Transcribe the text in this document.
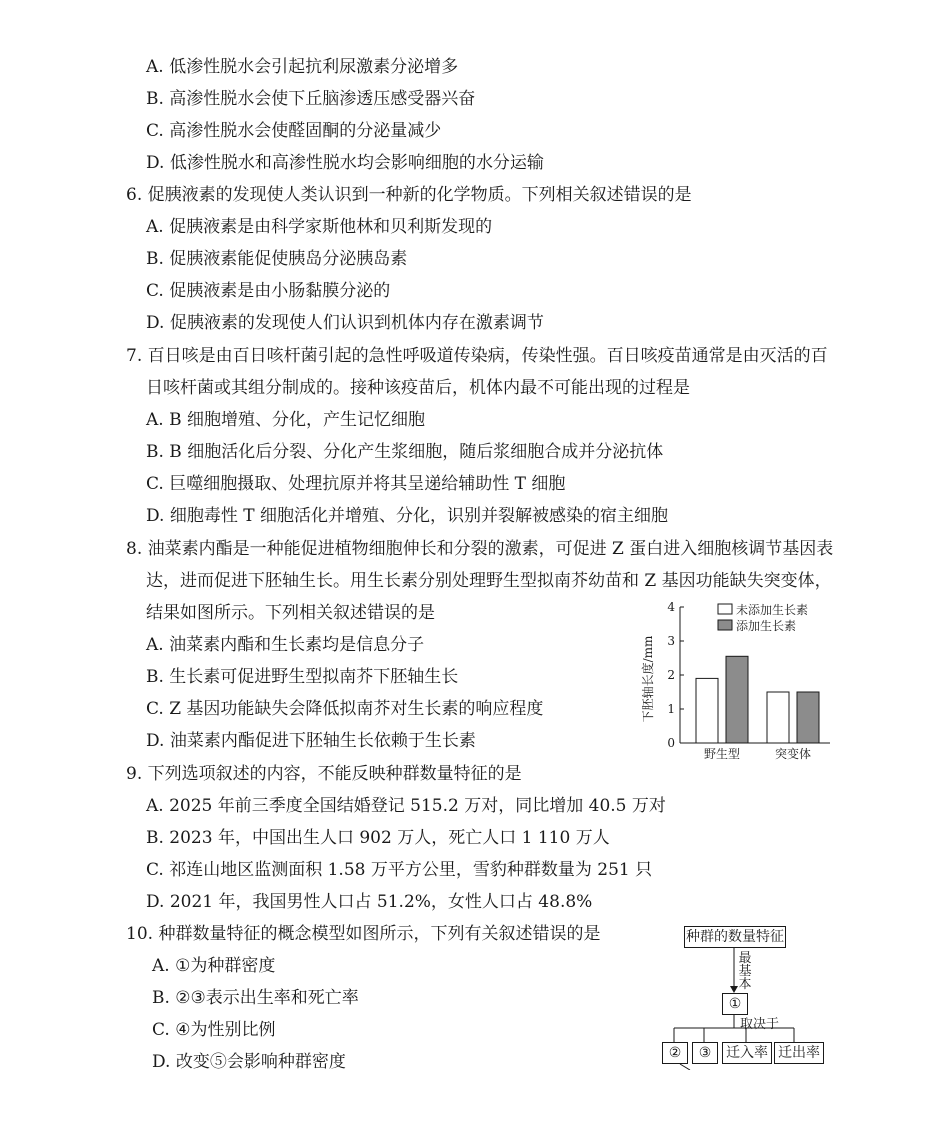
A. 低渗性脱水会引起抗利尿激素分泌增多
B. 高渗性脱水会使下丘脑渗透压感受器兴奋
C. 高渗性脱水会使醛固酮的分泌量减少
D. 低渗性脱水和高渗性脱水均会影响细胞的水分运输
6. 促胰液素的发现使人类认识到一种新的化学物质。下列相关叙述错误的是
A. 促胰液素是由科学家斯他林和贝利斯发现的
B. 促胰液素能促使胰岛分泌胰岛素
C. 促胰液素是由小肠黏膜分泌的
D. 促胰液素的发现使人们认识到机体内存在激素调节
7. 百日咳是由百日咳杆菌引起的急性呼吸道传染病，传染性强。百日咳疫苗通常是由灭活的百
日咳杆菌或其组分制成的。接种该疫苗后，机体内最不可能出现的过程是
A. B 细胞增殖、分化，产生记忆细胞
B. B 细胞活化后分裂、分化产生浆细胞，随后浆细胞合成并分泌抗体
C. 巨噬细胞摄取、处理抗原并将其呈递给辅助性 T 细胞
D. 细胞毒性 T 细胞活化并增殖、分化，识别并裂解被感染的宿主细胞
8. 油菜素内酯是一种能促进植物细胞伸长和分裂的激素，可促进 Z 蛋白进入细胞核调节基因表
达，进而促进下胚轴生长。用生长素分别处理野生型拟南芥幼苗和 Z 基因功能缺失突变体，
结果如图所示。下列相关叙述错误的是
A. 油菜素内酯和生长素均是信息分子
B. 生长素可促进野生型拟南芥下胚轴生长
C. Z 基因功能缺失会降低拟南芥对生长素的响应程度
D. 油菜素内酯促进下胚轴生长依赖于生长素	0
1
2
3
4
下胚轴长度/mm
野生型	突变体
未添加生长素
添加生长素
9. 下列选项叙述的内容，不能反映种群数量特征的是
A. 2025 年前三季度全国结婚登记 515.2 万对，同比增加 40.5 万对
B. 2023 年，中国出生人口 902 万人，死亡人口 1 110 万人
C. 祁连山地区监测面积 1.58 万平方公里，雪豹种群数量为 251 只
D. 2021 年，我国男性人口占 51.2%，女性人口占 48.8%
10. 种群数量特征的概念模型如图所示，下列有关叙述错误的是
A. ①为种群密度
B. ②③表示出生率和死亡率
C. ④为性别比例
D. 改变⑤会影响种群密度
种群的数量特征
最基本
①
取决于
②	③	迁入率 迁出率
